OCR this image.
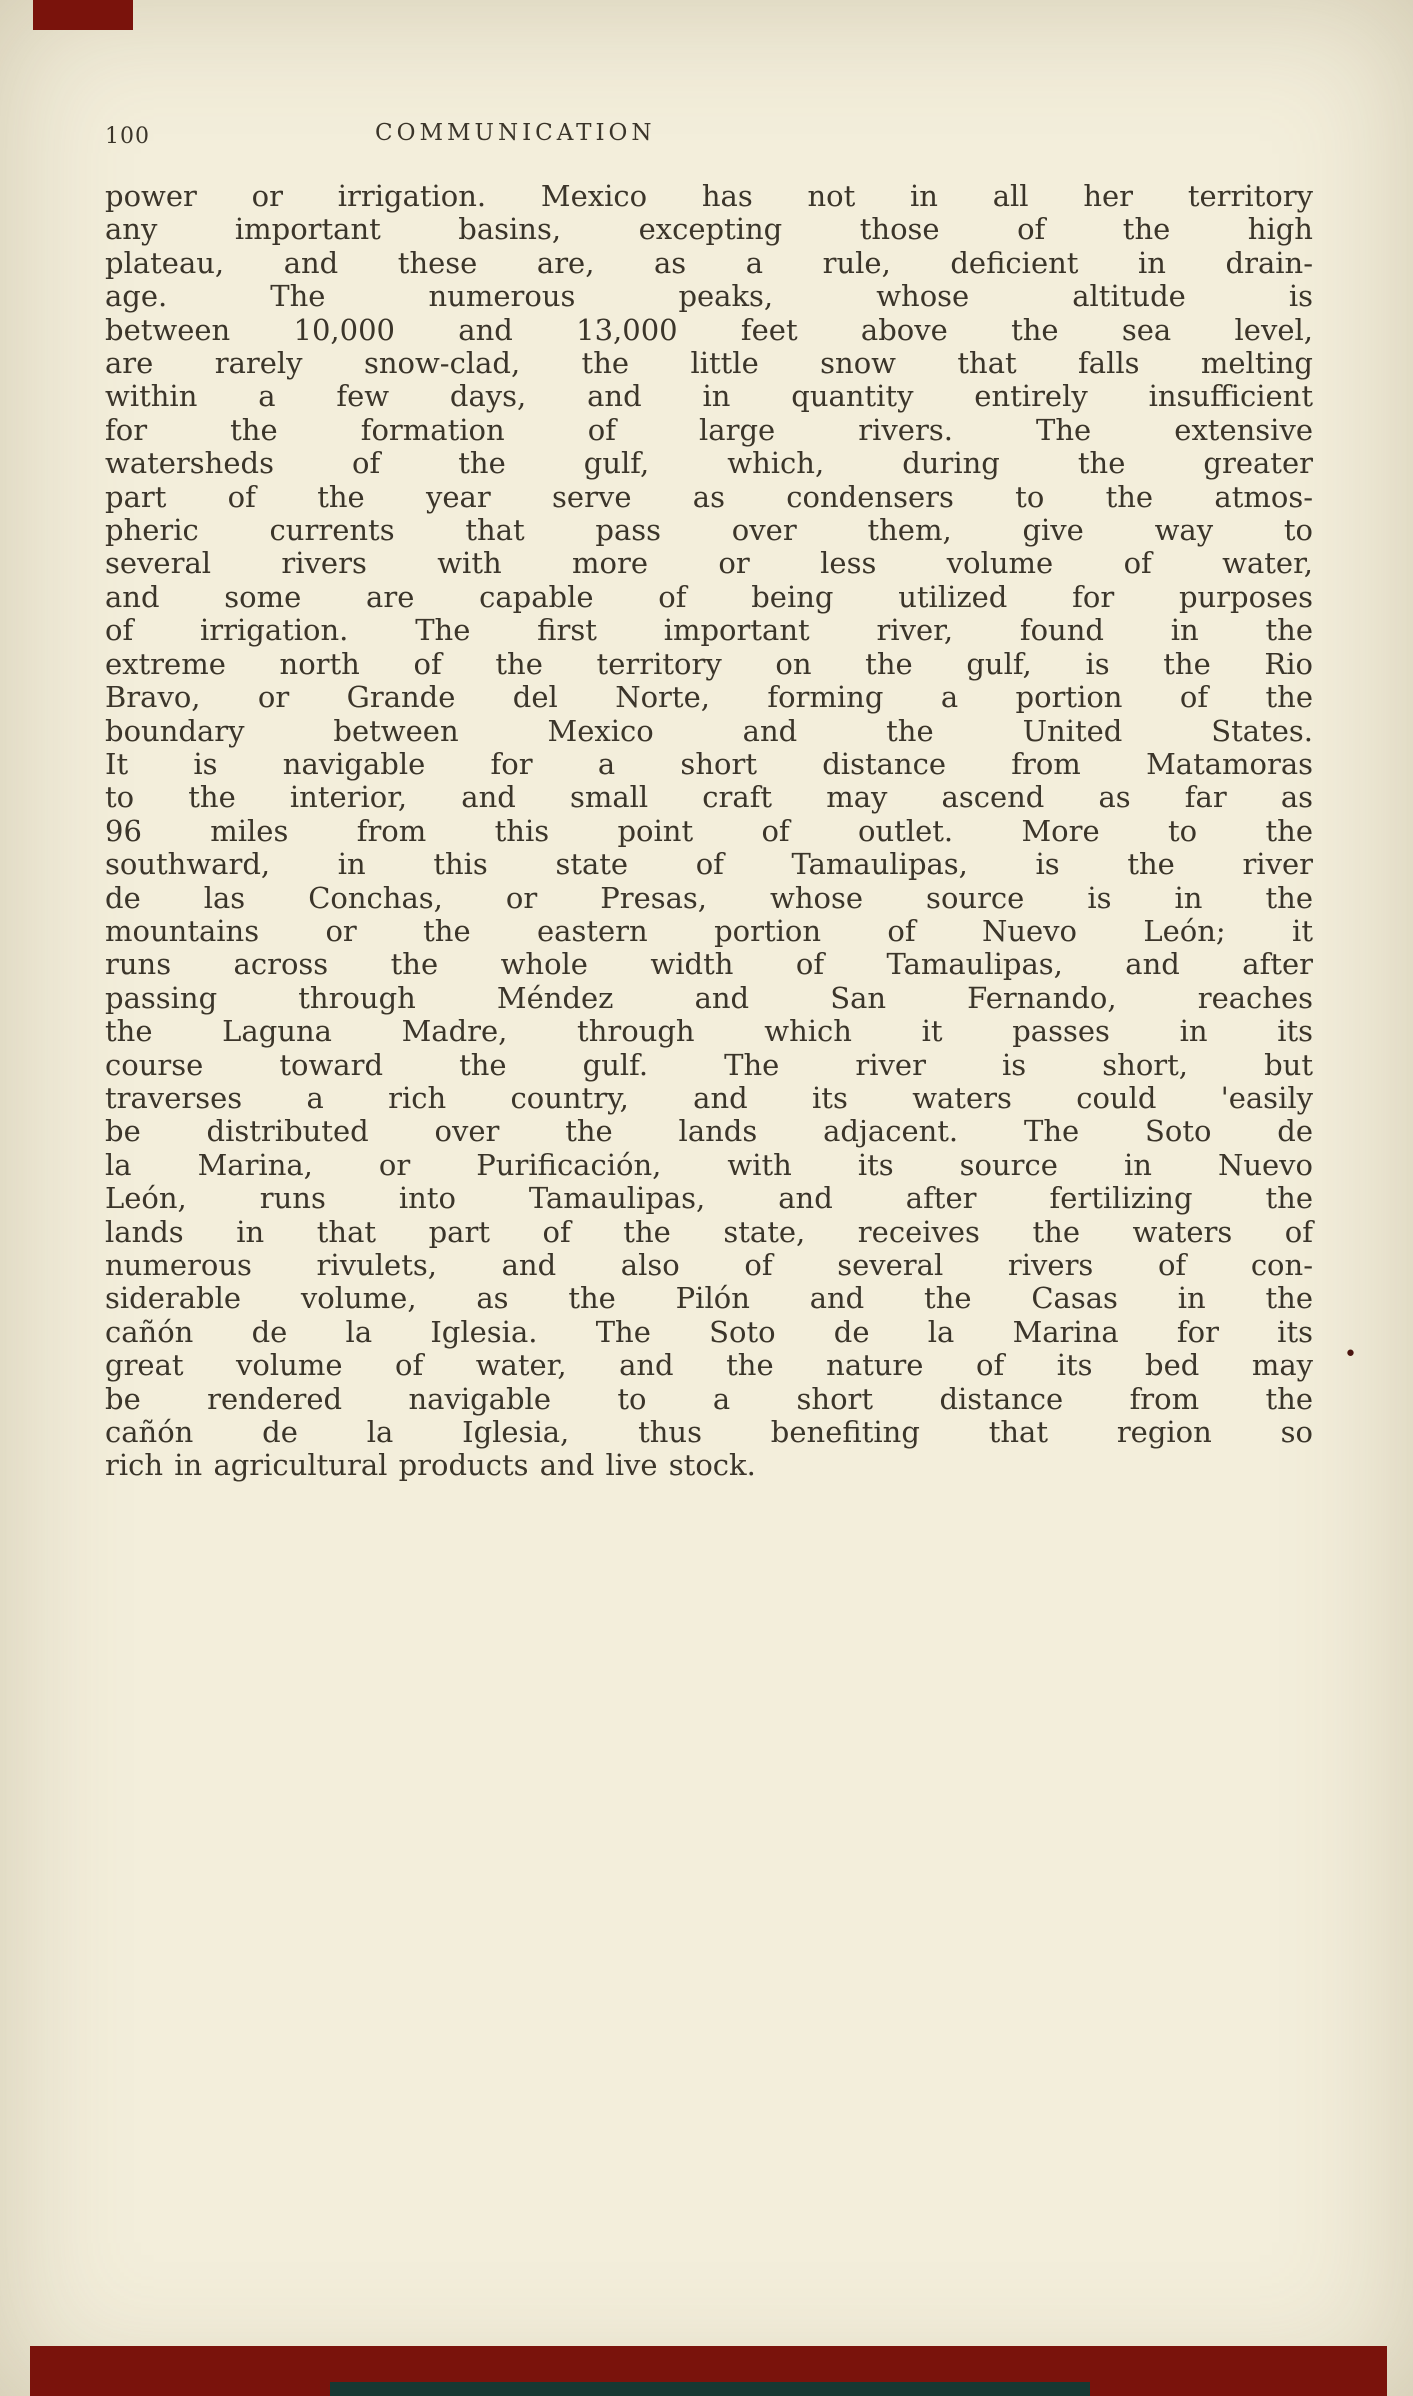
100	COMMUNICATION
power or irrigation. Mexico has not in all her territory
any important basins, excepting those of the high
plateau, and these are, as a rule, deficient in drain-
age. The numerous peaks, whose altitude is
between 10,000 and 13,000 feet above the sea level,
are rarely snow-clad, the little snow that falls melting
within a few days, and in quantity entirely insufficient
for the formation of large rivers. The extensive
watersheds of the gulf, which, during the greater
part of the year serve as condensers to the atmos-
pheric currents that pass over them, give way to
several rivers with more or less volume of water,
and some are capable of being utilized for purposes
of irrigation. The first important river, found in the
extreme north of the territory on the gulf, is the Rio
Bravo, or Grande del Norte, forming a portion of the
boundary between Mexico and the United States.
It is navigable for a short distance from Matamoras
to the interior, and small craft may ascend as far as
96 miles from this point of outlet. More to the
southward, in this state of Tamaulipas, is the river
de las Conchas, or Presas, whose source is in the
mountains or the eastern portion of Nuevo León; it
runs across the whole width of Tamaulipas, and after
passing through Méndez and San Fernando, reaches
the Laguna Madre, through which it passes in its
course toward the gulf. The river is short, but
traverses a rich country, and its waters could 'easily
be distributed over the lands adjacent. The Soto de
la Marina, or Purificación, with its source in Nuevo
León, runs into Tamaulipas, and after fertilizing the
lands in that part of the state, receives the waters of
numerous rivulets, and also of several rivers of con-
siderable volume, as the Pilón and the Casas in the
cañón de la Iglesia. The Soto de la Marina for its
great volume of water, and the nature of its bed may
be rendered navigable to a short distance from the
cañón de la Iglesia, thus benefiting that region so
rich in agricultural products and live stock.
•
